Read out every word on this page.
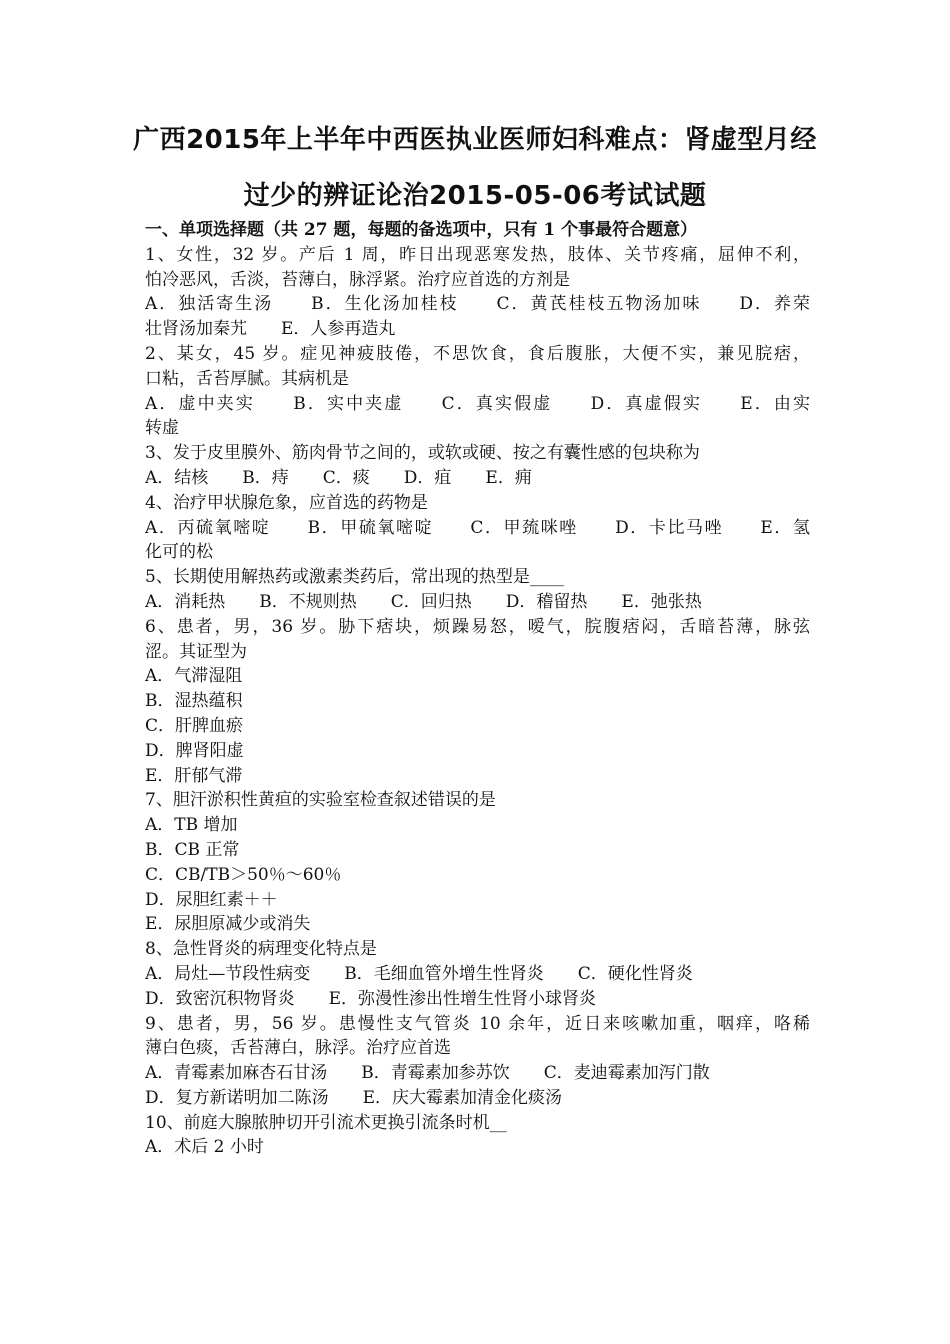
广西2015年上半年中西医执业医师妇科难点：肾虚型月经
过少的辨证论治2015-05-06考试试题
一、单项选择题（共 27 题，每题的备选项中，只有 1 个事最符合题意）
1、女性，32 岁。产后 1 周，昨日出现恶寒发热，肢体、关节疼痛，屈伸不利，
怕冷恶风，舌淡，苔薄白，脉浮紧。治疗应首选的方剂是
A．独活寄生汤　　B．生化汤加桂枝　　C．黄芪桂枝五物汤加味　　D．养荣
壮肾汤加秦艽　　E．人参再造丸
2、某女，45 岁。症见神疲肢倦，不思饮食，食后腹胀，大便不实，兼见脘痞，
口粘，舌苔厚腻。其病机是
A．虚中夹实　　B．实中夹虚　　C．真实假虚　　D．真虚假实　　E．由实
转虚
3、发于皮里膜外、筋肉骨节之间的，或软或硬、按之有囊性感的包块称为
A．结核　　B．痔　　C．痰　　D．疽　　E．痈
4、治疗甲状腺危象，应首选的药物是
A．丙硫氧嘧啶　　B．甲硫氧嘧啶　　C．甲巯咪唑　　D．卡比马唑　　E．氢
化可的松
5、长期使用解热药或激素类药后，常出现的热型是____
A．消耗热　　B．不规则热　　C．回归热　　D．稽留热　　E．弛张热
6、患者，男，36 岁。胁下痞块，烦躁易怒，嗳气，脘腹痞闷，舌暗苔薄，脉弦
涩。其证型为
A．气滞湿阻
B．湿热蕴积
C．肝脾血瘀
D．脾肾阳虚
E．肝郁气滞
7、胆汗淤积性黄疸的实验室检查叙述错误的是
A．TB 增加
B．CB 正常
C．CB/TB＞50％～60％
D．尿胆红素＋＋
E．尿胆原减少或消失
8、急性肾炎的病理变化特点是
A．局灶—节段性病变　　B．毛细血管外增生性肾炎　　C．硬化性肾炎
D．致密沉积物肾炎　　E．弥漫性渗出性增生性肾小球肾炎
9、患者，男，56 岁。患慢性支气管炎 10 余年，近日来咳嗽加重，咽痒，咯稀
薄白色痰，舌苔薄白，脉浮。治疗应首选
A．青霉素加麻杏石甘汤　　B．青霉素加参苏饮　　C．麦迪霉素加泻门散
D．复方新诺明加二陈汤　　E．庆大霉素加清金化痰汤
10、前庭大腺脓肿切开引流术更换引流条时机__
A．术后 2 小时
